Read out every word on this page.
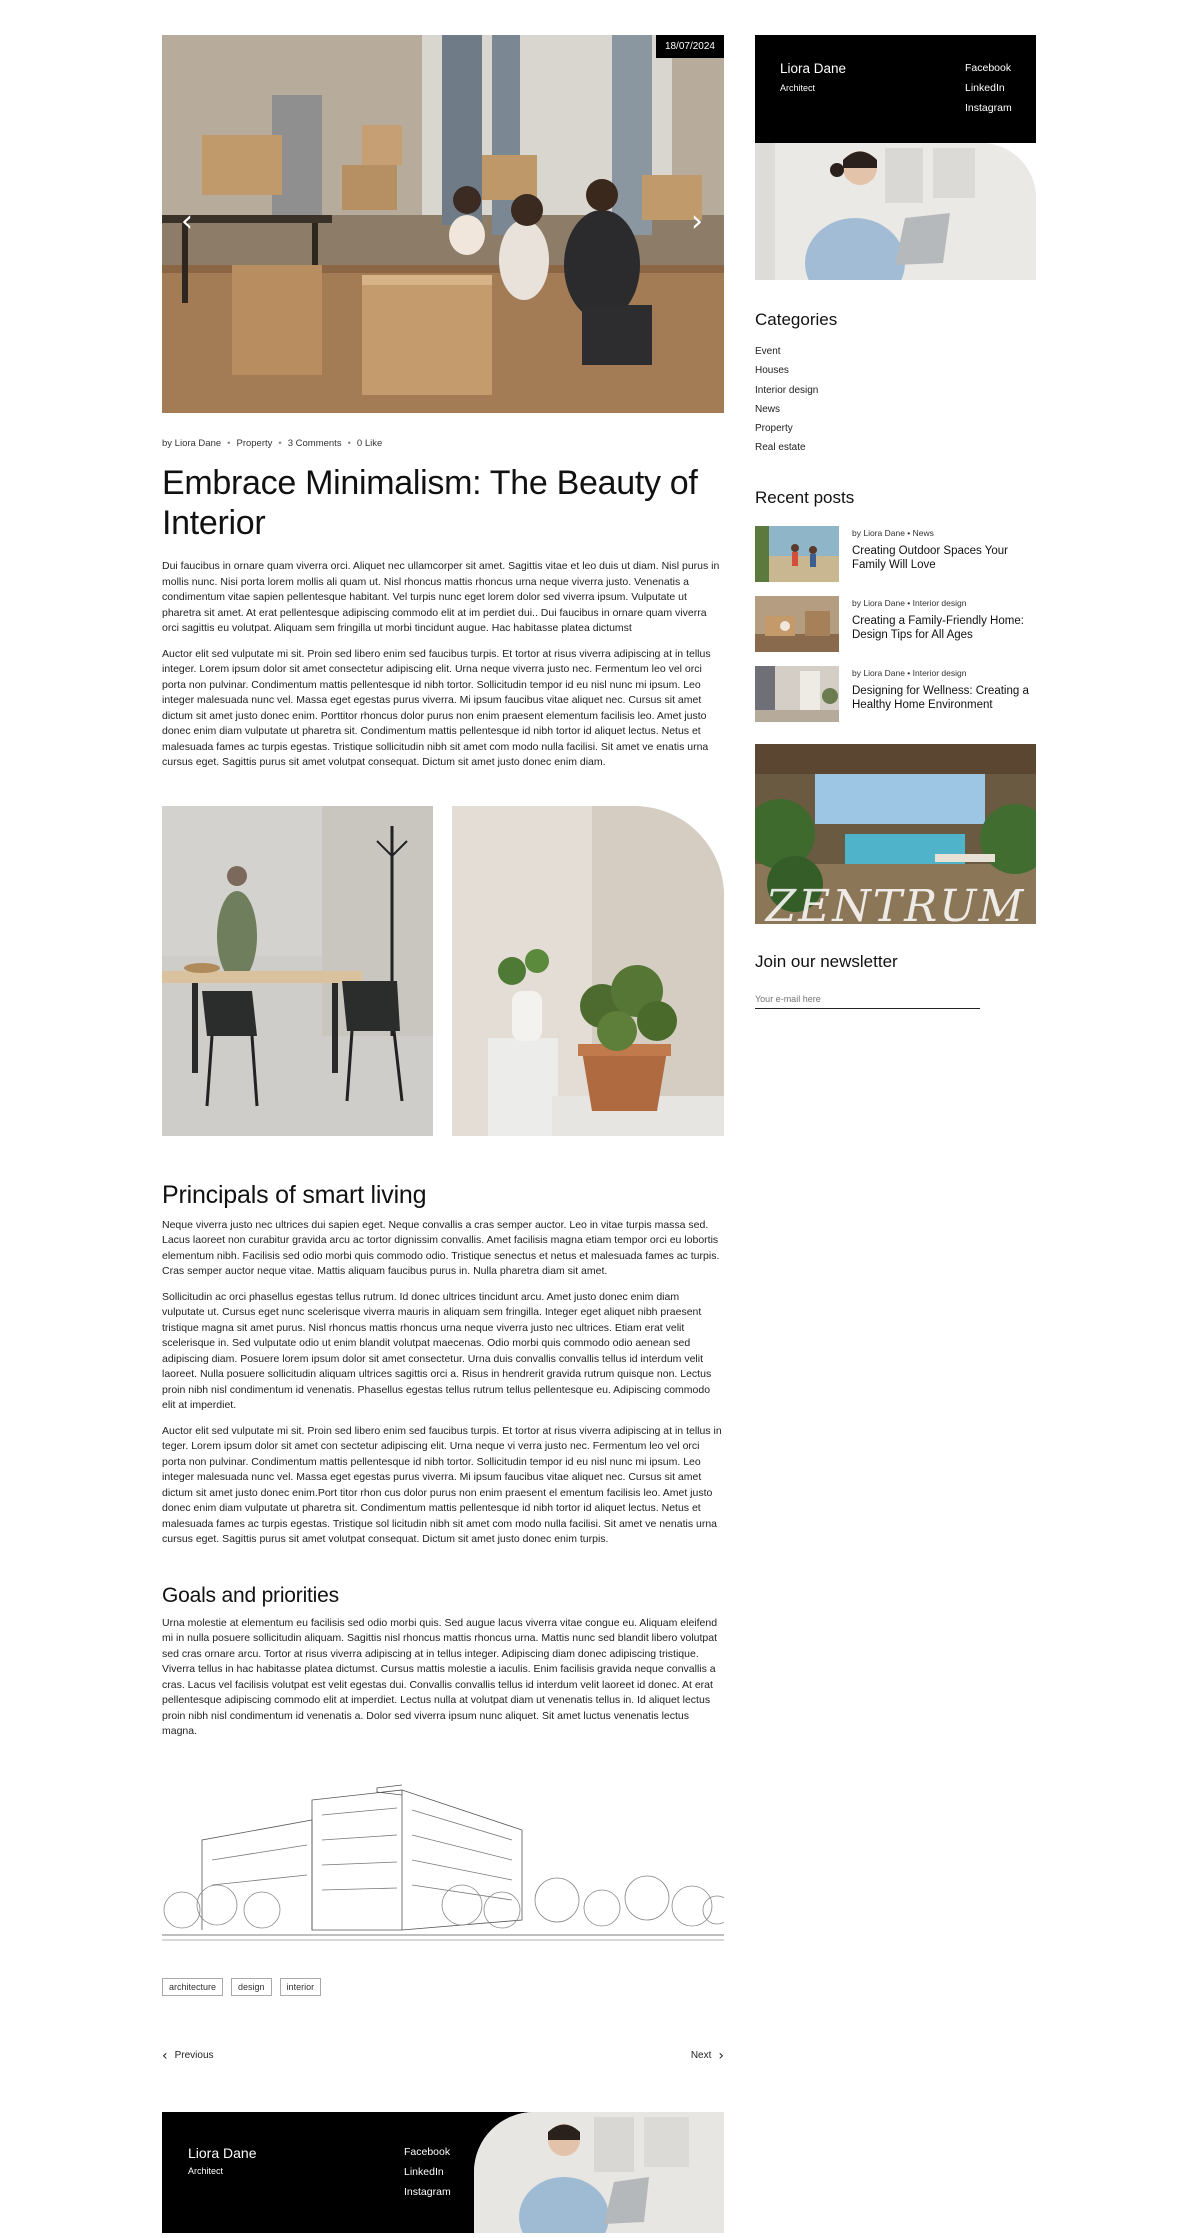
18/07/2024
‹	›
by Liora Dane • Property • 3 Comments • 0 Like
Embrace Minimalism: The Beauty of Interior

Dui faucibus in ornare quam viverra orci. Aliquet nec ullamcorper sit amet. Sagittis vitae et leo duis ut diam. Nisl purus in mollis nunc. Nisi porta lorem mollis ali quam ut. Nisl rhoncus mattis rhoncus urna neque viverra justo. Venenatis a condimentum vitae sapien pellentesque habitant. Vel turpis nunc eget lorem dolor sed viverra ipsum. Vulputate ut pharetra sit amet. At erat pellentesque adipiscing commodo elit at im perdiet dui.. Dui faucibus in ornare quam viverra orci sagittis eu volutpat. Aliquam sem fringilla ut morbi tincidunt augue. Hac habitasse platea dictumst

Auctor elit sed vulputate mi sit. Proin sed libero enim sed faucibus turpis. Et tortor at risus viverra adipiscing at in tellus integer. Lorem ipsum dolor sit amet consectetur adipiscing elit. Urna neque viverra justo nec. Fermentum leo vel orci porta non pulvinar. Condimentum mattis pellentesque id nibh tortor. Sollicitudin tempor id eu nisl nunc mi ipsum. Leo integer malesuada nunc vel. Massa eget egestas purus viverra. Mi ipsum faucibus vitae aliquet nec. Cursus sit amet dictum sit amet justo donec enim. Porttitor rhoncus dolor purus non enim praesent elementum facilisis leo. Amet justo donec enim diam vulputate ut pharetra sit. Condimentum mattis pellentesque id nibh tortor id aliquet lectus. Netus et malesuada fames ac turpis egestas. Tristique sollicitudin nibh sit amet com modo nulla facilisi. Sit amet ve enatis urna cursus eget. Sagittis purus sit amet volutpat consequat. Dictum sit amet justo donec enim diam.

Principals of smart living

Neque viverra justo nec ultrices dui sapien eget. Neque convallis a cras semper auctor. Leo in vitae turpis massa sed. Lacus laoreet non curabitur gravida arcu ac tortor dignissim convallis. Amet facilisis magna etiam tempor orci eu lobortis elementum nibh. Facilisis sed odio morbi quis commodo odio. Tristique senectus et netus et malesuada fames ac turpis. Cras semper auctor neque vitae. Mattis aliquam faucibus purus in. Nulla pharetra diam sit amet.

Sollicitudin ac orci phasellus egestas tellus rutrum. Id donec ultrices tincidunt arcu. Amet justo donec enim diam vulputate ut. Cursus eget nunc scelerisque viverra mauris in aliquam sem fringilla. Integer eget aliquet nibh praesent tristique magna sit amet purus. Nisl rhoncus mattis rhoncus urna neque viverra justo nec ultrices. Etiam erat velit scelerisque in. Sed vulputate odio ut enim blandit volutpat maecenas. Odio morbi quis commodo odio aenean sed adipiscing diam. Posuere lorem ipsum dolor sit amet consectetur. Urna duis convallis convallis tellus id interdum velit laoreet. Nulla posuere sollicitudin aliquam ultrices sagittis orci a. Risus in hendrerit gravida rutrum quisque non. Lectus proin nibh nisl condimentum id venenatis. Phasellus egestas tellus rutrum tellus pellentesque eu. Adipiscing commodo elit at imperdiet.

Auctor elit sed vulputate mi sit. Proin sed libero enim sed faucibus turpis. Et tortor at risus viverra adipiscing at in tellus in teger. Lorem ipsum dolor sit amet con sectetur adipiscing elit. Urna neque vi verra justo nec. Fermentum leo vel orci porta non pulvinar. Condimentum mattis pellentesque id nibh tortor. Sollicitudin tempor id eu nisl nunc mi ipsum. Leo integer malesuada nunc vel. Massa eget egestas purus viverra. Mi ipsum faucibus vitae aliquet nec. Cursus sit amet dictum sit amet justo donec enim.Port titor rhon cus dolor purus non enim praesent el ementum facilisis leo. Amet justo donec enim diam vulputate ut pharetra sit. Condimentum mattis pellentesque id nibh tortor id aliquet lectus. Netus et malesuada fames ac turpis egestas. Tristique sol licitudin nibh sit amet com modo nulla facilisi. Sit amet ve nenatis urna cursus eget. Sagittis purus sit amet volutpat consequat. Dictum sit amet justo donec enim turpis.

Goals and priorities

Urna molestie at elementum eu facilisis sed odio morbi quis. Sed augue lacus viverra vitae congue eu. Aliquam eleifend mi in nulla posuere sollicitudin aliquam. Sagittis nisl rhoncus mattis rhoncus urna. Mattis nunc sed blandit libero volutpat sed cras ornare arcu. Tortor at risus viverra adipiscing at in tellus integer. Adipiscing diam donec adipiscing tristique. Viverra tellus in hac habitasse platea dictumst. Cursus mattis molestie a iaculis. Enim facilisis gravida neque convallis a cras. Lacus vel facilisis volutpat est velit egestas dui. Convallis convallis tellus id interdum velit laoreet id donec. At erat pellentesque adipiscing commodo elit at imperdiet. Lectus nulla at volutpat diam ut venenatis tellus in. Id aliquet lectus proin nibh nisl condimentum id venenatis a. Dolor sed viverra ipsum nunc aliquet. Sit amet luctus venenatis lectus magna.

architecture	design	interior
‹ Previous	Next ›
Liora Dane
Architect
Facebook
LinkedIn
Instagram
Liora Dane
Architect
Facebook
LinkedIn
Instagram
Categories
Event
Houses
Interior design
News
Property
Real estate
Recent posts
by Liora Dane • News
Creating Outdoor Spaces Your Family Will Love
by Liora Dane • Interior design
Creating a Family-Friendly Home: Design Tips for All Ages
by Liora Dane • Interior design
Designing for Wellness: Creating a Healthy Home Environment
ZENTRUM
Join our newsletter
Your e-mail here
